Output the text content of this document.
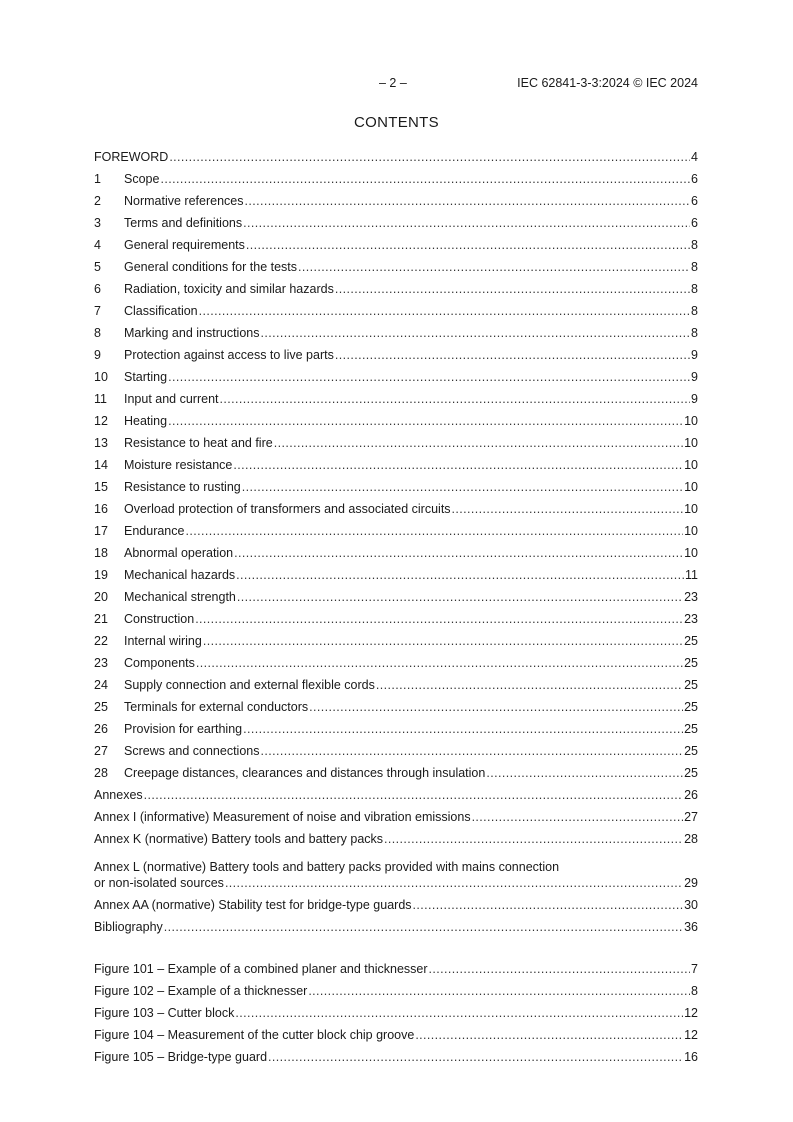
– 2 –	IEC 62841-3-3:2024 © IEC 2024
CONTENTS
FOREWORD .....	4
1	Scope .....	6
2	Normative references .....	6
3	Terms and definitions .....	6
4	General requirements .....	8
5	General conditions for the tests .....	8
6	Radiation, toxicity and similar hazards .....	8
7	Classification .....	8
8	Marking and instructions .....	8
9	Protection against access to live parts .....	9
10	Starting .....	9
11	Input and current .....	9
12	Heating .....	10
13	Resistance to heat and fire .....	10
14	Moisture resistance .....	10
15	Resistance to rusting .....	10
16	Overload protection of transformers and associated circuits .....	10
17	Endurance .....	10
18	Abnormal operation .....	10
19	Mechanical hazards .....	11
20	Mechanical strength .....	23
21	Construction .....	23
22	Internal wiring .....	25
23	Components .....	25
24	Supply connection and external flexible cords .....	25
25	Terminals for external conductors .....	25
26	Provision for earthing .....	25
27	Screws and connections .....	25
28	Creepage distances, clearances and distances through insulation .....	25
Annexes .....	26
Annex I (informative) Measurement of noise and vibration emissions .....	27
Annex K (normative) Battery tools and battery packs .....	28
Annex L (normative) Battery tools and battery packs provided with mains connection
or non-isolated sources .....	29
Annex AA (normative) Stability test for bridge-type guards .....	30
Bibliography .....	36
Figure 101 – Example of a combined planer and thicknesser .....	7
Figure 102 – Example of a thicknesser .....	8
Figure 103 – Cutter block .....	12
Figure 104 – Measurement of the cutter block chip groove .....	12
Figure 105 – Bridge-type guard .....	16
